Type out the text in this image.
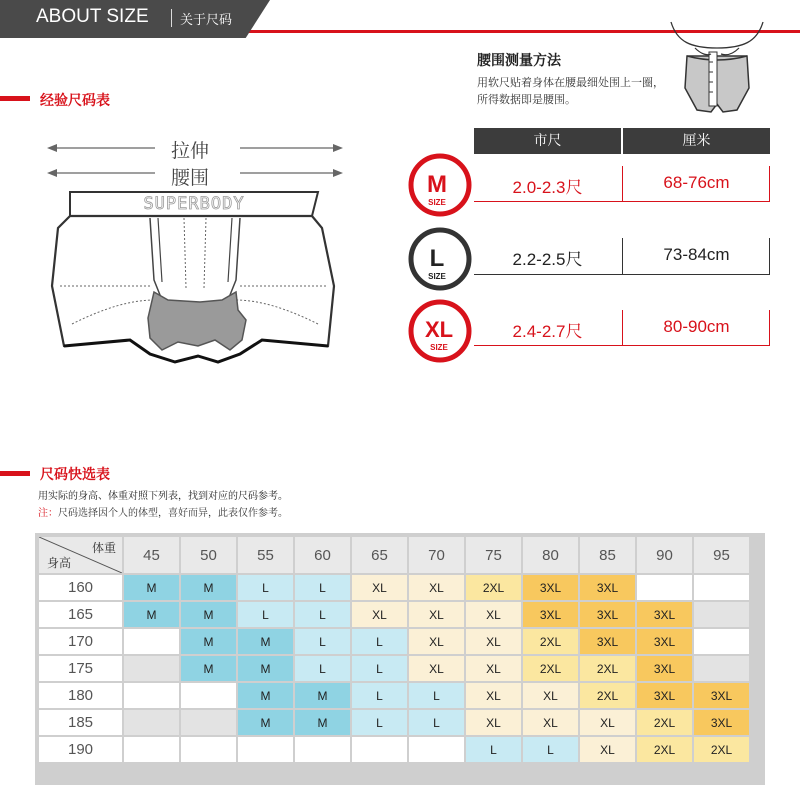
ABOUT SIZE 关于尺码
经验尺码表
拉伸
腰围
SUPERBODY
腰围测量方法
用软尺贴着身体在腰最细处围上一圈，所得数据即是腰围。
市尺	厘米
M
SIZE
2.0-2.3尺	68-76cm
L
SIZE
2.2-2.5尺	73-84cm
XL
SIZE
2.4-2.7尺	80-90cm
尺码快选表
用实际的身高、体重对照下列表，找到对应的尺码参考。
注：尺码选择因个人的体型，喜好而异，此表仅作参考。
体重
身高	45	50	55	60	65	70	75	80	85	90	95
160	M	M	L	L	XL	XL	2XL	3XL	3XL		
165	M	M	L	L	XL	XL	XL	3XL	3XL	3XL	
170		M	M	L	L	XL	XL	2XL	3XL	3XL	
175		M	M	L	L	XL	XL	2XL	2XL	3XL	
180			M	M	L	L	XL	XL	2XL	3XL	3XL
185			M	M	L	L	XL	XL	XL	2XL	3XL
190							L	L	XL	2XL	2XL
